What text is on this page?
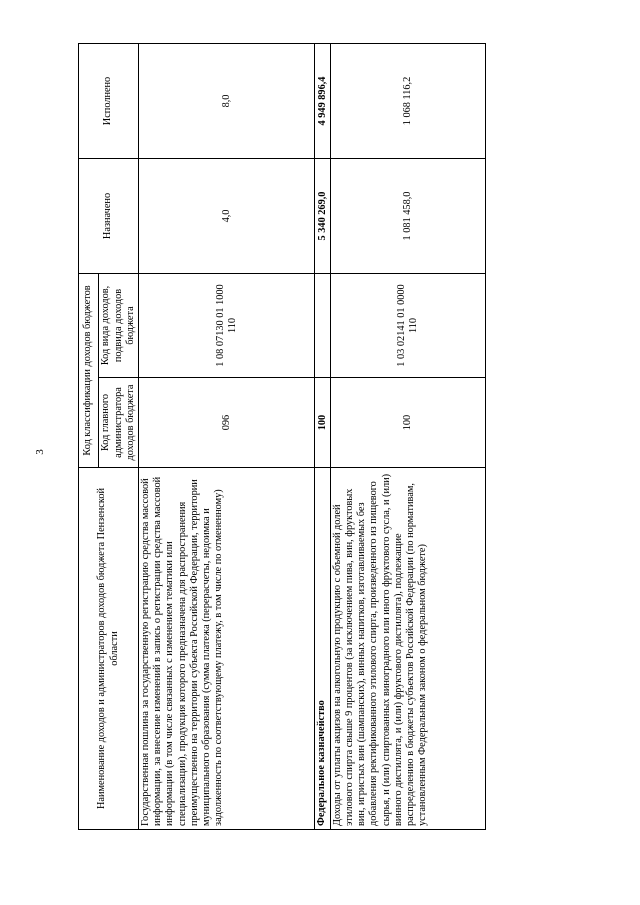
3
Наименование доходов и администраторов доходов бюджета Пензенской области	Код классификации доходов бюджетов		Назначено	Исполнено
	Код главного администратора доходов бюджета	Код вида доходов, подвида доходов бюджета		
Государственная пошлина за государственную регистрацию средства массовой информации, за внесение изменений в запись о регистрации средства массовой информации (в том числе связанных с изменением тематики или специализации), продукция которого предназначена для распространения преимущественно на территории субъекта Российской Федерации, территории муниципального образования (сумма платежа (перерасчеты, недоимка и задолженность по соответствующему платежу, в том числе по отмененному)	096	1 08 07130 01 1000 110	4,0	8,0
Федеральное казначейство	100		5 340 269,0	4 949 896,4
Доходы от уплаты акцизов на алкогольную продукцию с объемной долей этилового спирта свыше 9 процентов (за исключением пива, вин, фруктовых вин, игристых вин (шампанских), винных напитков, изготавливаемых без добавления ректификованного этилового спирта, произведенного из пищевого сырья, и (или) спиртованных виноградного или иного фруктового сусла, и (или) винного дистиллята, и (или) фруктового дистиллята), подлежащие распределению в бюджеты субъектов Российской Федерации (по нормативам, установленным Федеральным законом о федеральном бюджете)	100	1 03 02141 01 0000 110	1 081 458,0	1 068 116,2
